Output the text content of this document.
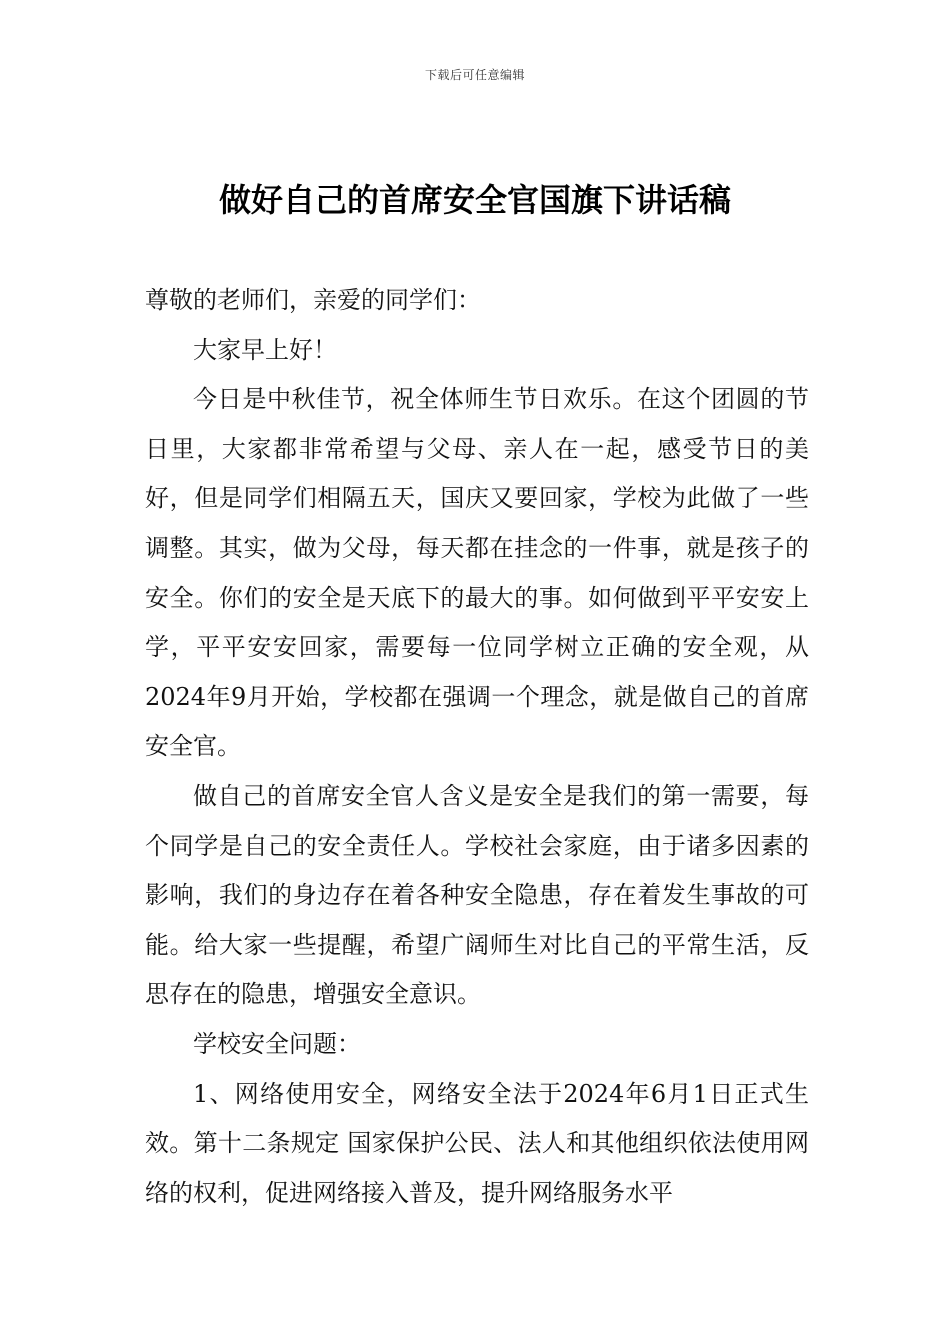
下载后可任意编辑
做好自己的首席安全官国旗下讲话稿

尊敬的老师们，亲爱的同学们：

大家早上好！

今日是中秋佳节，祝全体师生节日欢乐。在这个团圆的节日里，大家都非常希望与父母、亲人在一起，感受节日的美好，但是同学们相隔五天，国庆又要回家，学校为此做了一些调整。其实，做为父母，每天都在挂念的一件事，就是孩子的安全。你们的安全是天底下的最大的事。如何做到平平安安上学，平平安安回家，需要每一位同学树立正确的安全观，从2024年9月开始，学校都在强调一个理念，就是做自己的首席安全官。

做自己的首席安全官人含义是安全是我们的第一需要，每个同学是自己的安全责任人。学校社会家庭，由于诸多因素的影响，我们的身边存在着各种安全隐患，存在着发生事故的可能。给大家一些提醒，希望广阔师生对比自己的平常生活，反思存在的隐患，增强安全意识。

学校安全问题：

1、网络使用安全，网络安全法于2024年6月1日正式生效。第十二条规定 国家保护公民、法人和其他组织依法使用网络的权利，促进网络接入普及，提升网络服务水平
